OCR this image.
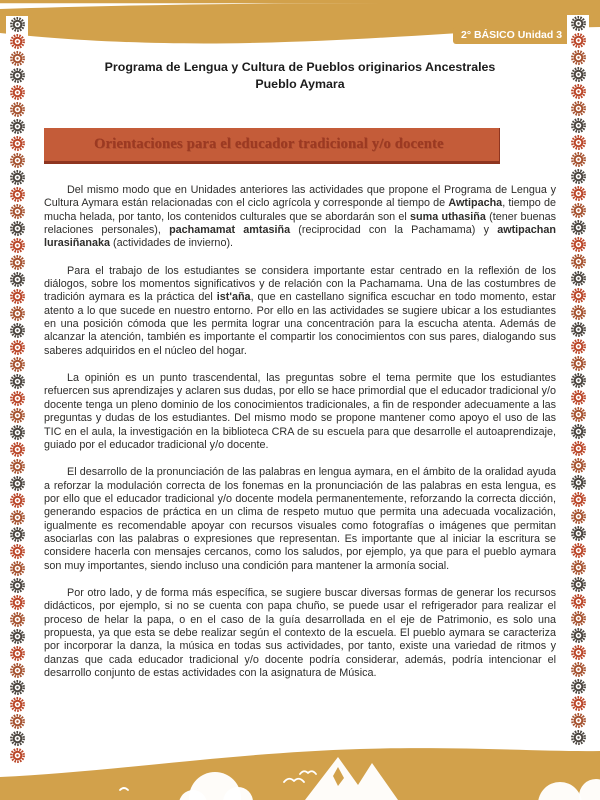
2° BÁSICO Unidad 3
Programa de Lengua y Cultura de Pueblos originarios Ancestrales
Pueblo Aymara
Orientaciones para el educador tradicional y/o docente

Del mismo modo que en Unidades anteriores las actividades que propone el Programa de Lengua y Cultura Aymara están relacionadas con el ciclo agrícola y corresponde al tiempo de Awtipacha, tiempo de mucha helada, por tanto, los contenidos culturales que se abordarán son el suma uthasiña (tener buenas relaciones personales), pachamamat amtasiña (reciprocidad con la Pachamama) y awtipachan lurasiñanaka (actividades de invierno).

Para el trabajo de los estudiantes se considera importante estar centrado en la reflexión de los diálogos, sobre los momentos significativos y de relación con la Pachamama. Una de las costumbres de tradición aymara es la práctica del ist'aña, que en castellano significa escuchar en todo momento, estar atento a lo que sucede en nuestro entorno. Por ello en las actividades se sugiere ubicar a los estudiantes en una posición cómoda que les permita lograr una concentración para la escucha atenta. Además de alcanzar la atención, también es importante el compartir los conocimientos con sus pares, dialogando sus saberes adquiridos en el núcleo del hogar.

La opinión es un punto trascendental, las preguntas sobre el tema permite que los estudiantes refuercen sus aprendizajes y aclaren sus dudas, por ello se hace primordial que el educador tradicional y/o docente tenga un pleno dominio de los conocimientos tradicionales, a fin de responder adecuamente a las preguntas y dudas de los estudiantes. Del mismo modo se propone mantener como apoyo el uso de las TIC en el aula, la investigación en la biblioteca CRA de su escuela para que desarrolle el autoaprendizaje, guiado por el educador tradicional y/o docente.

El desarrollo de la pronunciación de las palabras en lengua aymara, en el ámbito de la oralidad ayuda a reforzar la modulación correcta de los fonemas en la pronunciación de las palabras en esta lengua, es por ello que el educador tradicional y/o docente modela permanentemente, reforzando la correcta dicción, generando espacios de práctica en un clima de respeto mutuo que permita una adecuada vocalización, igualmente es recomendable apoyar con recursos visuales como fotografías o imágenes que permitan asociarlas con las palabras o expresiones que representan. Es importante que al iniciar la escritura se considere hacerla con mensajes cercanos, como los saludos, por ejemplo, ya que para el pueblo aymara son muy importantes, siendo incluso una condición para mantener la armonía social.

Por otro lado, y de forma más específica, se sugiere buscar diversas formas de generar los recursos didácticos, por ejemplo, si no se cuenta con papa chuño, se puede usar el refrigerador para realizar el proceso de helar la papa, o en el caso de la guía desarrollada en el eje de Patrimonio, es solo una propuesta, ya que esta se debe realizar según el contexto de la escuela. El pueblo aymara se caracteriza por incorporar la danza, la música en todas sus actividades, por tanto, existe una variedad de ritmos y danzas que cada educador tradicional y/o docente podría considerar, además, podría intencionar el desarrollo conjunto de estas actividades con la asignatura de Música.
